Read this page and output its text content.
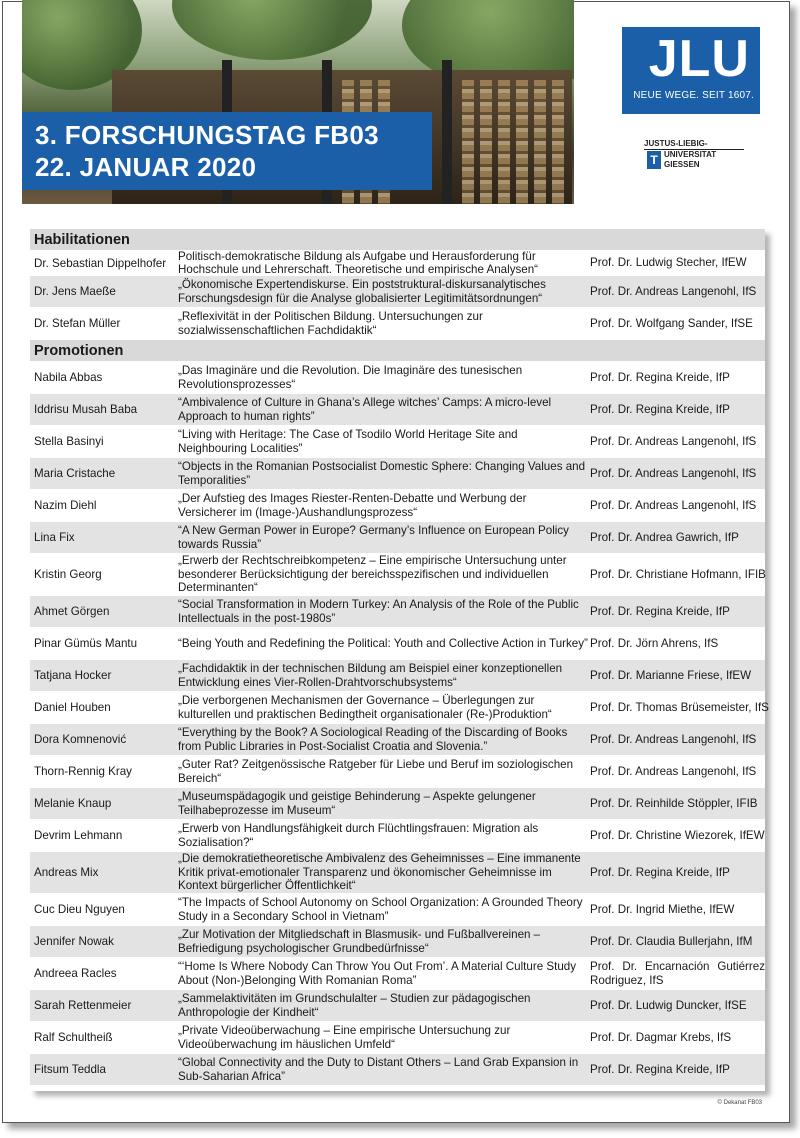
3. FORSCHUNGSTAG FB03
22. JANUAR 2020
JLU
NEUE WEGE. SEIT 1607.
JUSTUS-LIEBIG-
UNIVERSITAT
GIESSEN
T
Habilitationen
Dr. Sebastian Dippelhofer
Politisch-demokratische Bildung als Aufgabe und Herausforderung für Hochschule und Lehrerschaft. Theoretische und empirische Analysen“
Prof. Dr. Ludwig Stecher, IfEW
Dr. Jens Maeße
„Ökonomische Expertendiskurse. Ein poststruktural-diskursanalytisches Forschungsdesign für die Analyse globalisierter Legitimitätsordnungen“
Prof. Dr. Andreas Langenohl, IfS
Dr. Stefan Müller
„Reflexivität in der Politischen Bildung. Untersuchungen zur sozialwissenschaftlichen Fachdidaktik“
Prof. Dr. Wolfgang Sander, IfSE
Promotionen
Nabila Abbas
„Das Imaginäre und die Revolution. Die Imaginäre des tunesischen Revolutionsprozesses“
Prof. Dr. Regina Kreide, IfP
Iddrisu Musah Baba
“Ambivalence of Culture in Ghana’s Allege witches’ Camps: A micro-level Approach to human rights”
Prof. Dr. Regina Kreide, IfP
Stella Basinyi
“Living with Heritage: The Case of Tsodilo World Heritage Site and Neighbouring Localities”
Prof. Dr. Andreas Langenohl, IfS
Maria Cristache
“Objects in the Romanian Postsocialist Domestic Sphere: Changing Values and Temporalities”
Prof. Dr. Andreas Langenohl, IfS
Nazim Diehl
„Der Aufstieg des Images Riester-Renten-Debatte und Werbung der Versicherer im (Image-)Aushandlungsprozess“
Prof. Dr. Andreas Langenohl, IfS
Lina Fix
“A New German Power in Europe? Germany’s Influence on European Policy towards Russia”
Prof. Dr. Andrea Gawrich, IfP
Kristin Georg
„Erwerb der Rechtschreibkompetenz – Eine empirische Untersuchung unter besonderer Berücksichtigung der bereichsspezifischen und individuellen Determinanten“
Prof. Dr. Christiane Hofmann, IFIB
Ahmet Görgen
“Social Transformation in Modern Turkey: An Analysis of the Role of the Public Intellectuals in the post-1980s”
Prof. Dr. Regina Kreide, IfP
Pinar Gümüs Mantu	“Being Youth and Redefining the Political: Youth and Collective Action in Turkey” Prof. Dr. Jörn Ahrens, IfS
Tatjana Hocker
„Fachdidaktik in der technischen Bildung am Beispiel einer konzeptionellen Entwicklung eines Vier-Rollen-Drahtvorschubsystems“
Prof. Dr. Marianne Friese, IfEW
Daniel Houben
„Die verborgenen Mechanismen der Governance – Überlegungen zur kulturellen und praktischen Bedingtheit organisationaler (Re-)Produktion“
Prof. Dr. Thomas Brüsemeister, IfS
Dora Komnenović
“Everything by the Book? A Sociological Reading of the Discarding of Books from Public Libraries in Post-Socialist Croatia and Slovenia.”
Prof. Dr. Andreas Langenohl, IfS
Thorn-Rennig Kray
„Guter Rat? Zeitgenössische Ratgeber für Liebe und Beruf im soziologischen Bereich“
Prof. Dr. Andreas Langenohl, IfS
Melanie Knaup
„Museumspädagogik und geistige Behinderung – Aspekte gelungener Teilhabeprozesse im Museum“
Prof. Dr. Reinhilde Stöppler, IFIB
Devrim Lehmann
„Erwerb von Handlungsfähigkeit durch Flüchtlingsfrauen: Migration als Sozialisation?“
Prof. Dr. Christine Wiezorek, IfEW
Andreas Mix
„Die demokratietheoretische Ambivalenz des Geheimnisses – Eine immanente Kritik privat-emotionaler Transparenz und ökonomischer Geheimnisse im Kontext bürgerlicher Öffentlichkeit“
Prof. Dr. Regina Kreide, IfP
Cuc Dieu Nguyen
“The Impacts of School Autonomy on School Organization: A Grounded Theory Study in a Secondary School in Vietnam”
Prof. Dr. Ingrid Miethe, IfEW
Jennifer Nowak
„Zur Motivation der Mitgliedschaft in Blasmusik- und Fußballvereinen – Befriedigung psychologischer Grundbedürfnisse“
Prof. Dr. Claudia Bullerjahn, IfM
Andreea Racles
“‘Home Is Where Nobody Can Throw You Out From’. A Material Culture Study About (Non-)Belonging With Romanian Roma”
Prof. Dr. Encarnación Gutiérrez Rodriguez, IfS
Sarah Rettenmeier
„Sammelaktivitäten im Grundschulalter – Studien zur pädagogischen Anthropologie der Kindheit“
Prof. Dr. Ludwig Duncker, IfSE
Ralf Schultheiß
„Private Videoüberwachung – Eine empirische Untersuchung zur Videoüberwachung im häuslichen Umfeld“
Prof. Dr. Dagmar Krebs, IfS
Fitsum Teddla
“Global Connectivity and the Duty to Distant Others – Land Grab Expansion in Sub-Saharian Africa”
Prof. Dr. Regina Kreide, IfP
© Dekanat FB03
